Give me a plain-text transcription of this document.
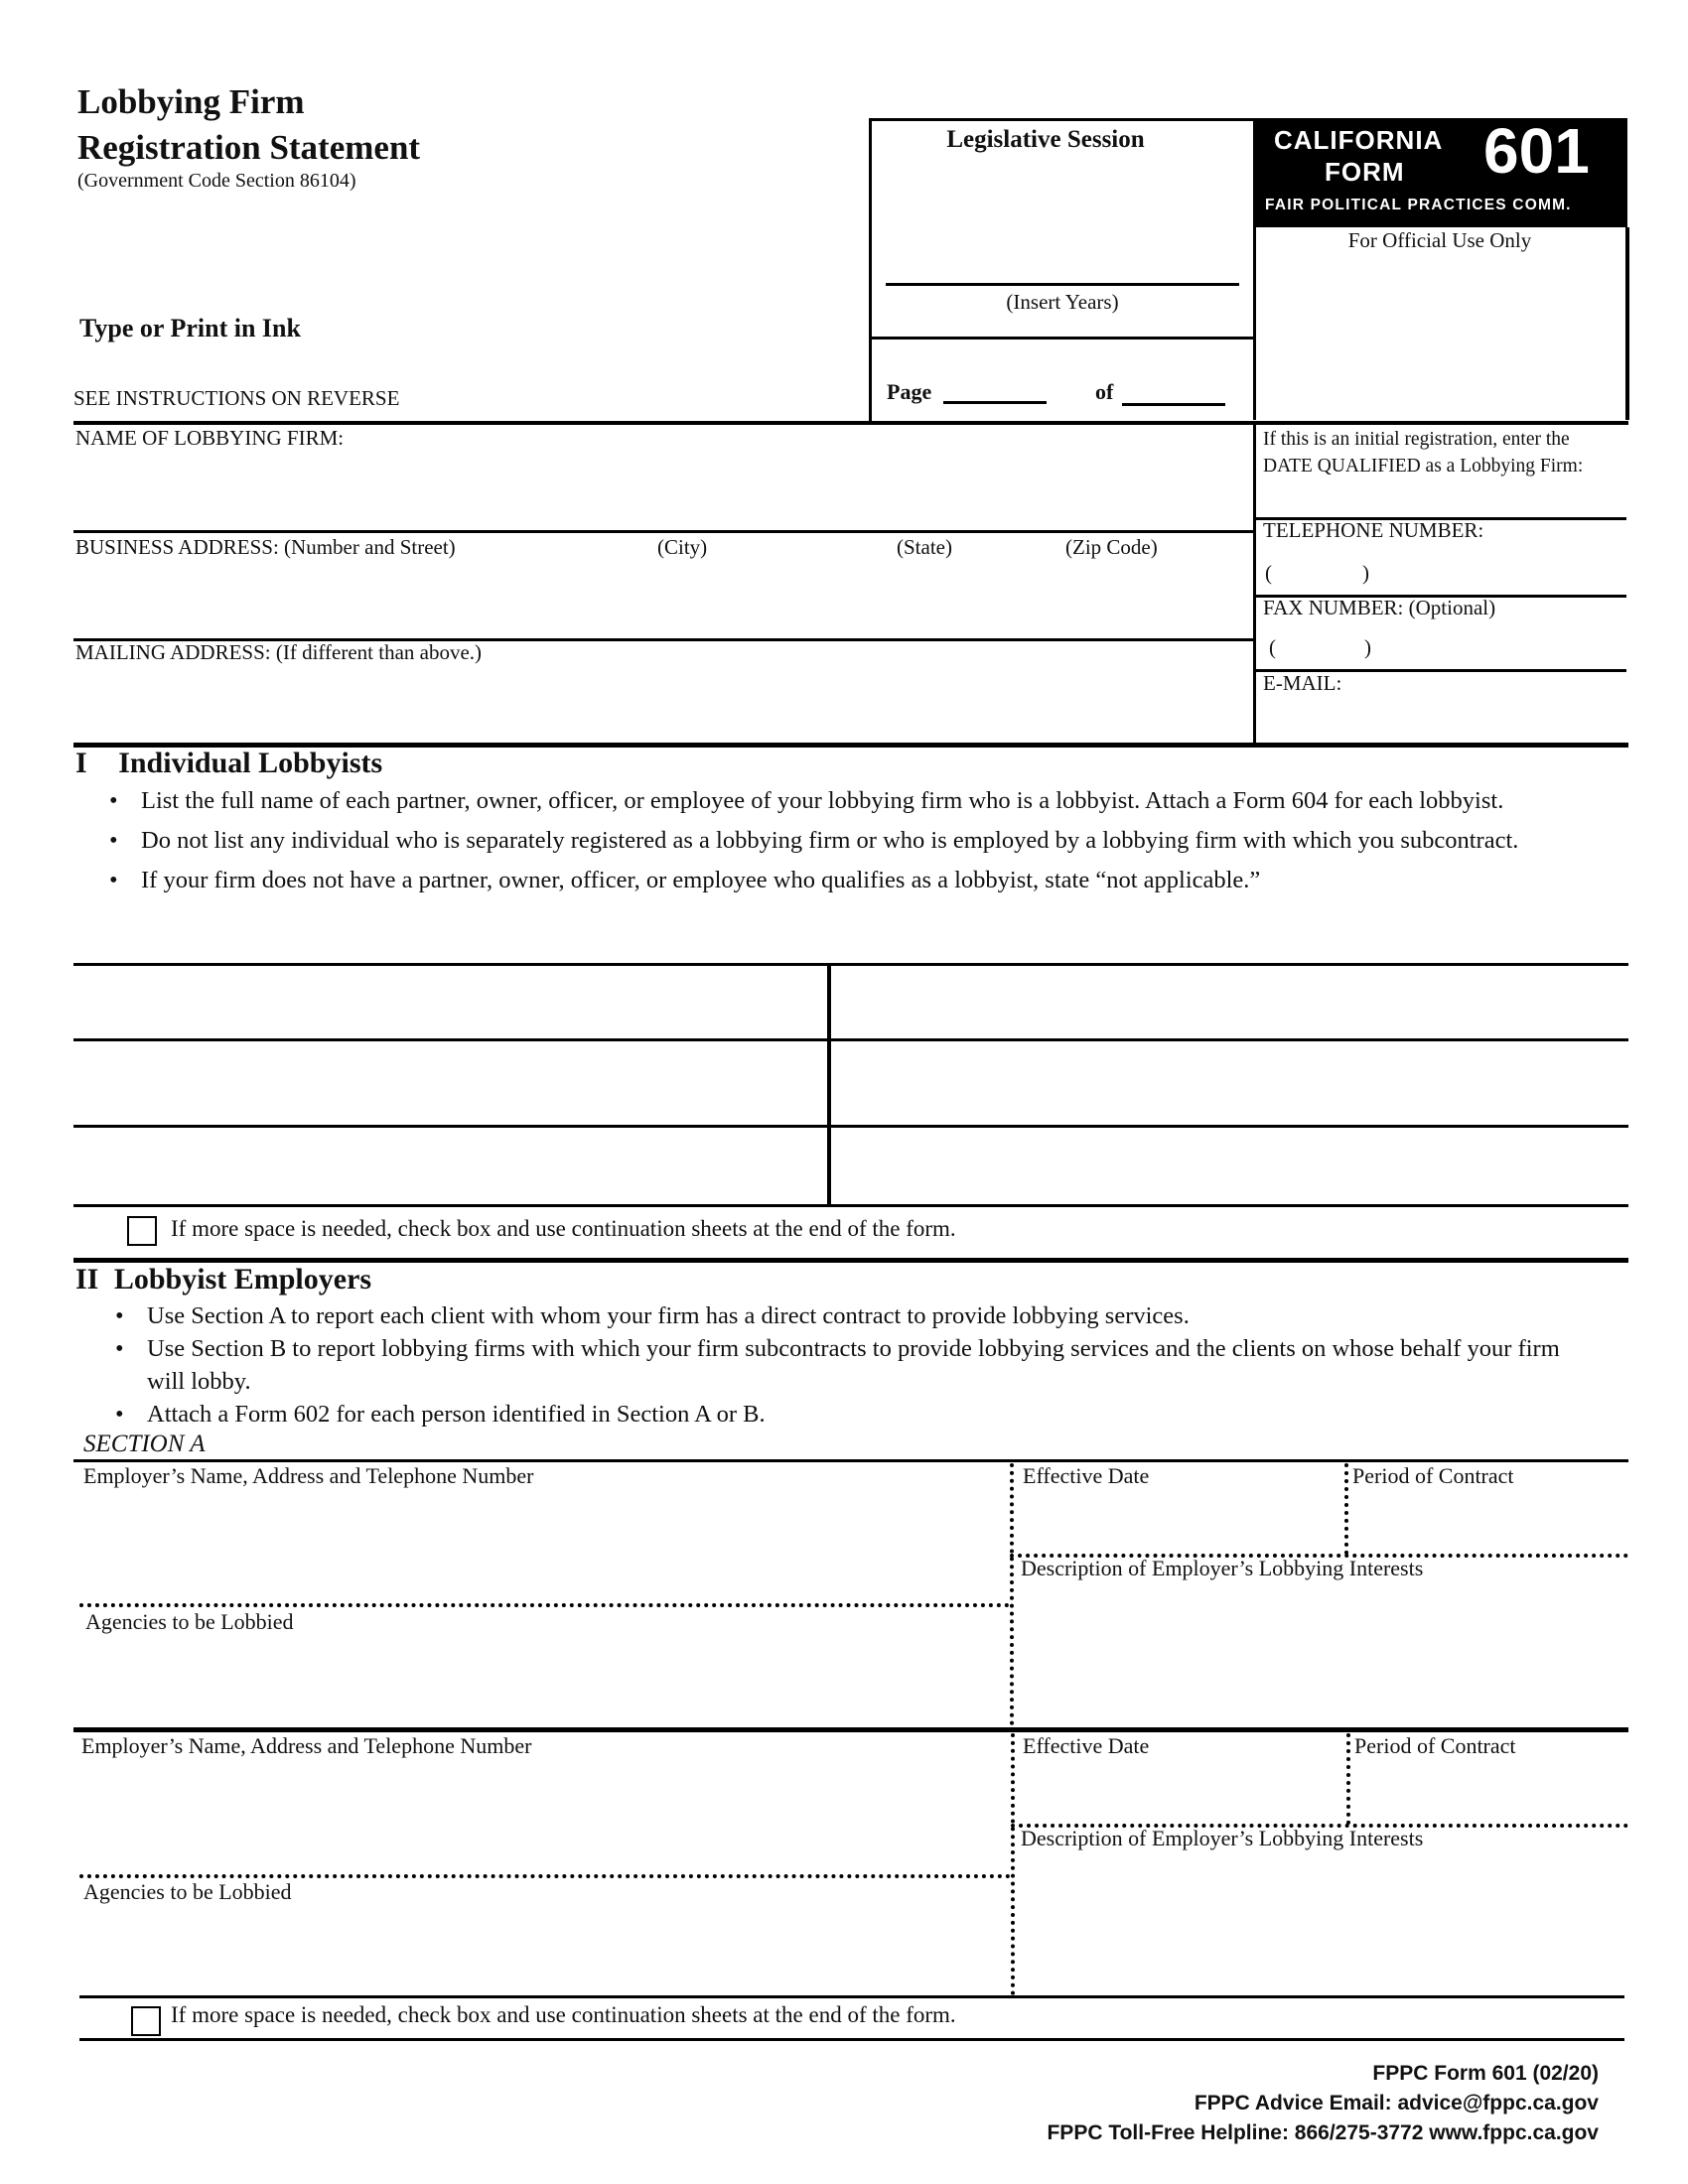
Lobbying Firm
Registration Statement
(Government Code Section 86104)
Type or Print in Ink
SEE INSTRUCTIONS ON REVERSE
Legislative Session
(Insert Years)
Page	of
CALIFORNIA
FORM 601
FAIR POLITICAL PRACTICES COMM.
For Official Use Only
NAME OF LOBBYING FIRM:
BUSINESS ADDRESS: (Number and Street)	(City)	(State)	(Zip Code)
MAILING ADDRESS: (If different than above.)
If this is an initial registration, enter the
DATE QUALIFIED as a Lobbying Firm:
TELEPHONE NUMBER:
(	)
FAX NUMBER: (Optional)
(	)
E-MAIL:
I Individual Lobbyists
• List the full name of each partner, owner, officer, or employee of your lobbying firm who is a lobbyist. Attach a Form 604 for each lobbyist.
• Do not list any individual who is separately registered as a lobbying firm or who is employed by a lobbying firm with which you subcontract.
• If your firm does not have a partner, owner, officer, or employee who qualifies as a lobbyist, state “not applicable.”
If more space is needed, check box and use continuation sheets at the end of the form.
II Lobbyist Employers
• Use Section A to report each client with whom your firm has a direct contract to provide lobbying services.
• Use Section B to report lobbying firms with which your firm subcontracts to provide lobbying services and the clients on whose behalf your firm will lobby.
• Attach a Form 602 for each person identified in Section A or B.
SECTION A
Employer’s Name, Address and Telephone Number	Effective Date	Period of Contract
Description of Employer’s Lobbying Interests
Agencies to be Lobbied
Employer’s Name, Address and Telephone Number	Effective Date	Period of Contract
Description of Employer’s Lobbying Interests
Agencies to be Lobbied
If more space is needed, check box and use continuation sheets at the end of the form.
FPPC Form 601 (02/20)
FPPC Advice Email: advice@fppc.ca.gov
FPPC Toll-Free Helpline: 866/275-3772 www.fppc.ca.gov
